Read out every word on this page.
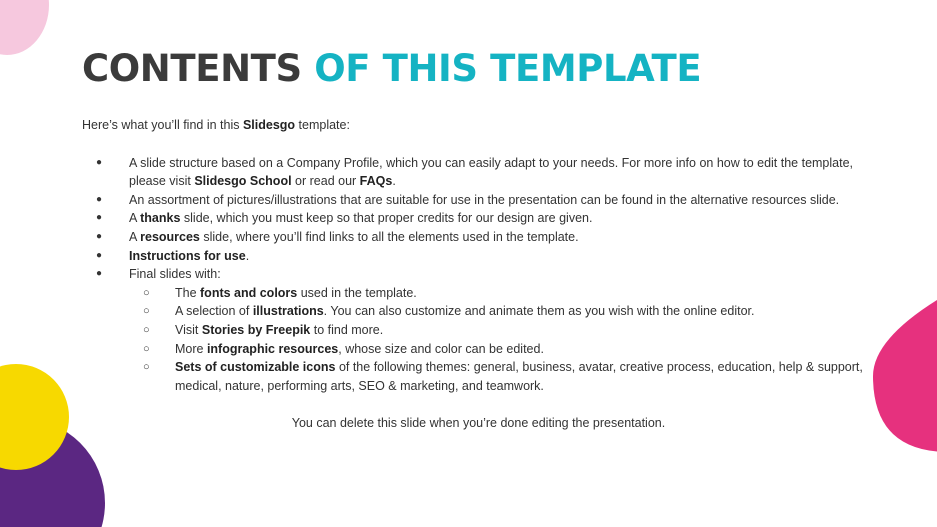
CONTENTS OF THIS TEMPLATE

Here’s what you’ll find in this Slidesgo template:

● A slide structure based on a Company Profile, which you can easily adapt to your needs. For more info on how to edit the template, please visit Slidesgo School or read our FAQs.
● An assortment of pictures/illustrations that are suitable for use in the presentation can be found in the alternative resources slide.
● A thanks slide, which you must keep so that proper credits for our design are given.
● A resources slide, where you’ll find links to all the elements used in the template.
● Instructions for use.
● Final slides with:
○ The fonts and colors used in the template.
○ A selection of illustrations. You can also customize and animate them as you wish with the online editor.
○ Visit Stories by Freepik to find more.
○ More infographic resources, whose size and color can be edited.
○ Sets of customizable icons of the following themes: general, business, avatar, creative process, education, help & support, medical, nature, performing arts, SEO & marketing, and teamwork.

You can delete this slide when you’re done editing the presentation.
